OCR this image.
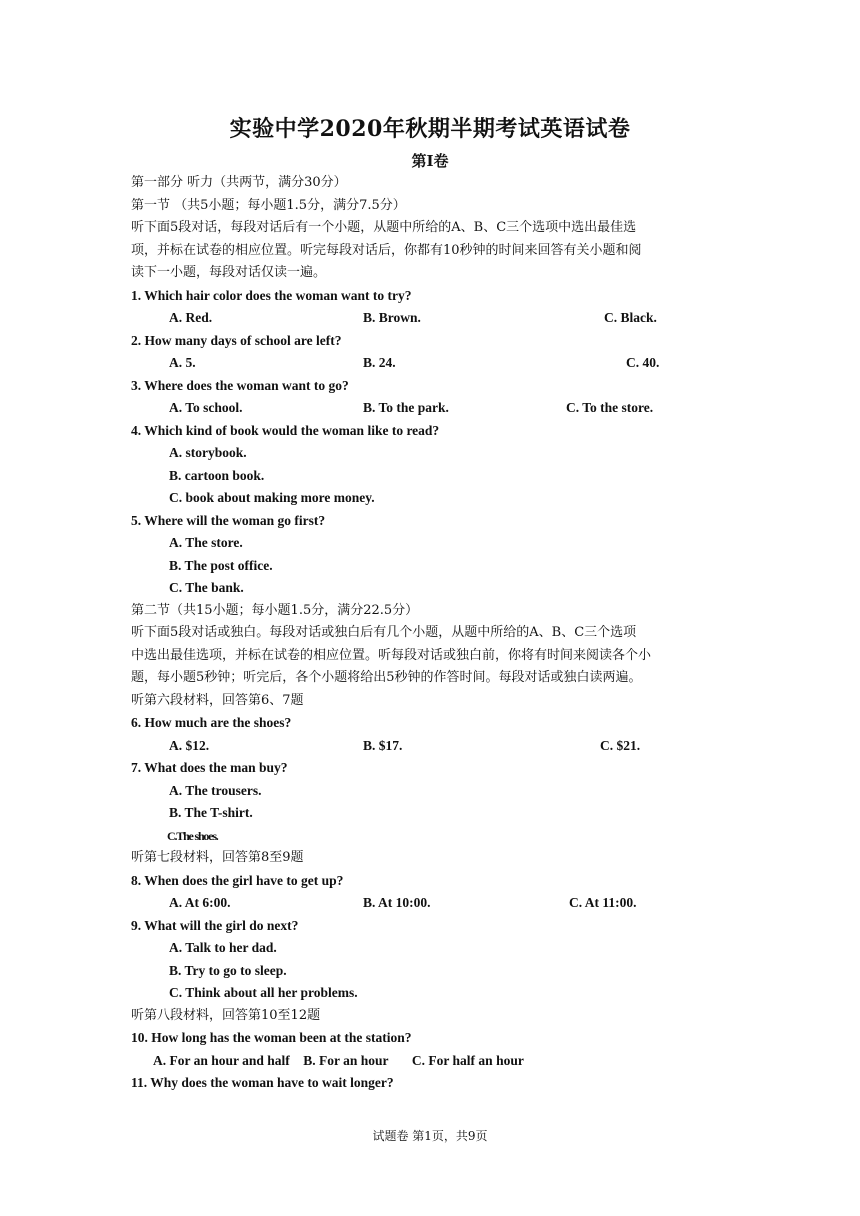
实验中学2020年秋期半期考试英语试卷
第Ⅰ卷
第一部分 听力（共两节，满分30分）
第一节 （共5小题；每小题1.5分，满分7.5分）
听下面5段对话，每段对话后有一个小题，从题中所给的A、B、C三个选项中选出最佳选
项，并标在试卷的相应位置。听完每段对话后，你都有10秒钟的时间来回答有关小题和阅
读下一小题，每段对话仅读一遍。
1. Which hair color does the woman want to try?
A. Red.	B. Brown.	C. Black.
2. How many days of school are left?
A. 5.	B. 24.	C. 40.
3. Where does the woman want to go?
A. To school.	B. To the park.	C. To the store.
4. Which kind of book would the woman like to read?
A. storybook.
B. cartoon book.
C. book about making more money.
5. Where will the woman go first?
A. The store.
B. The post office.
C. The bank.
第二节（共15小题；每小题1.5分，满分22.5分）
听下面5段对话或独白。每段对话或独白后有几个小题，从题中所给的A、B、C三个选项
中选出最佳选项，并标在试卷的相应位置。听每段对话或独白前，你将有时间来阅读各个小
题，每小题5秒钟；听完后，各个小题将给出5秒钟的作答时间。每段对话或独白读两遍。
听第六段材料，回答第6、7题
6. How much are the shoes?
A. $12.	B. $17.	C. $21.
7. What does the man buy?
A. The trousers.
B. The T-shirt.
C.The shoes.
听第七段材料，回答第8至9题
8. When does the girl have to get up?
A. At 6:00.	B. At 10:00.	C. At 11:00.
9. What will the girl do next?
A. Talk to her dad.
B. Try to go to sleep.
C. Think about all her problems.
听第八段材料，回答第10至12题
10. How long has the woman been at the station?
A. For an hour and half    B. For an hour       C. For half an hour
11. Why does the woman have to wait longer?
试题卷 第1页，共9页
